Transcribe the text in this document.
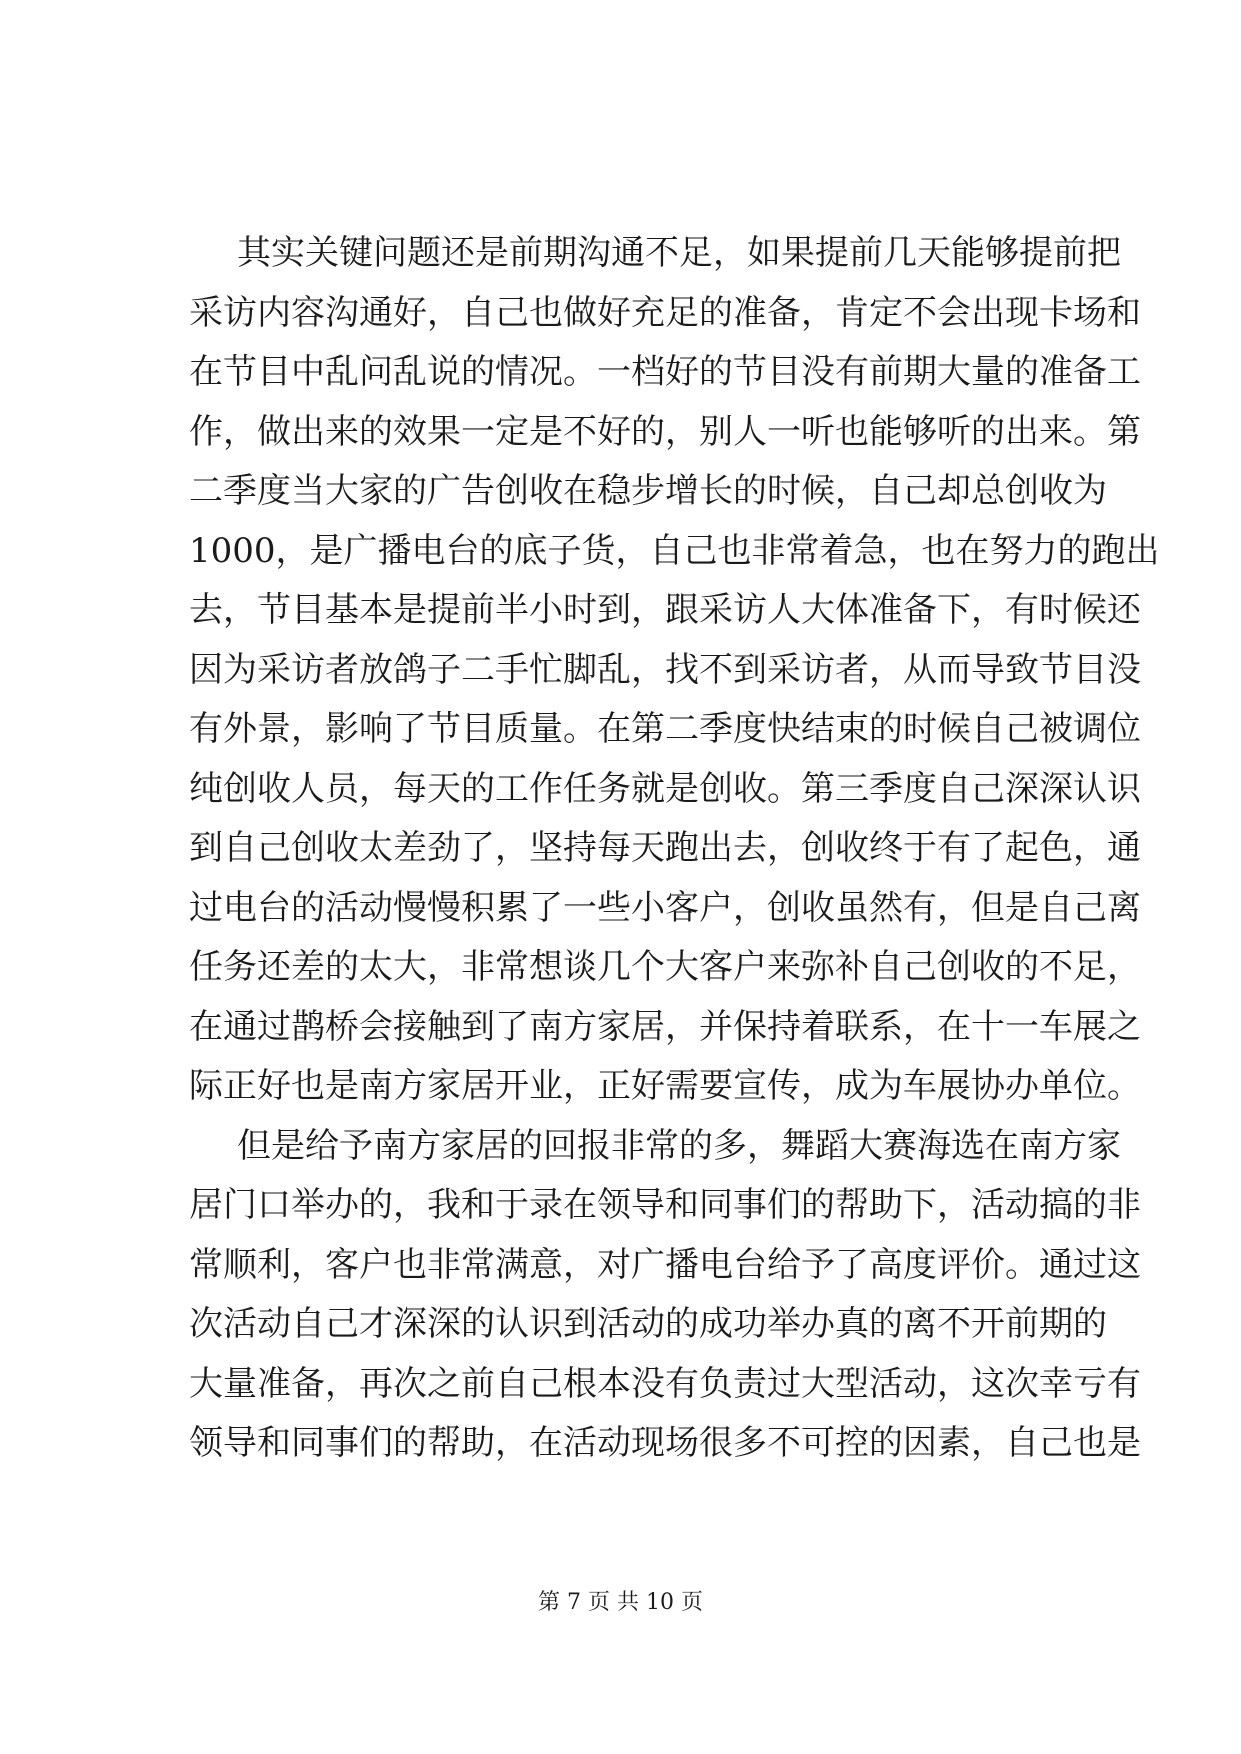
其实关键问题还是前期沟通不足，如果提前几天能够提前把
采访内容沟通好，自己也做好充足的准备，肯定不会出现卡场和
在节目中乱问乱说的情况。一档好的节目没有前期大量的准备工
作，做出来的效果一定是不好的，别人一听也能够听的出来。第
二季度当大家的广告创收在稳步增长的时候，自己却总创收为
1000，是广播电台的底子货，自己也非常着急，也在努力的跑出
去，节目基本是提前半小时到，跟采访人大体准备下，有时候还
因为采访者放鸽子二手忙脚乱，找不到采访者，从而导致节目没
有外景，影响了节目质量。在第二季度快结束的时候自己被调位
纯创收人员，每天的工作任务就是创收。第三季度自己深深认识
到自己创收太差劲了，坚持每天跑出去，创收终于有了起色，通
过电台的活动慢慢积累了一些小客户，创收虽然有，但是自己离
任务还差的太大，非常想谈几个大客户来弥补自己创收的不足，
在通过鹊桥会接触到了南方家居，并保持着联系，在十一车展之
际正好也是南方家居开业，正好需要宣传，成为车展协办单位。
但是给予南方家居的回报非常的多，舞蹈大赛海选在南方家
居门口举办的，我和于录在领导和同事们的帮助下，活动搞的非
常顺利，客户也非常满意，对广播电台给予了高度评价。通过这
次活动自己才深深的认识到活动的成功举办真的离不开前期的
大量准备，再次之前自己根本没有负责过大型活动，这次幸亏有
领导和同事们的帮助，在活动现场很多不可控的因素，自己也是
第 7 页 共 10 页
